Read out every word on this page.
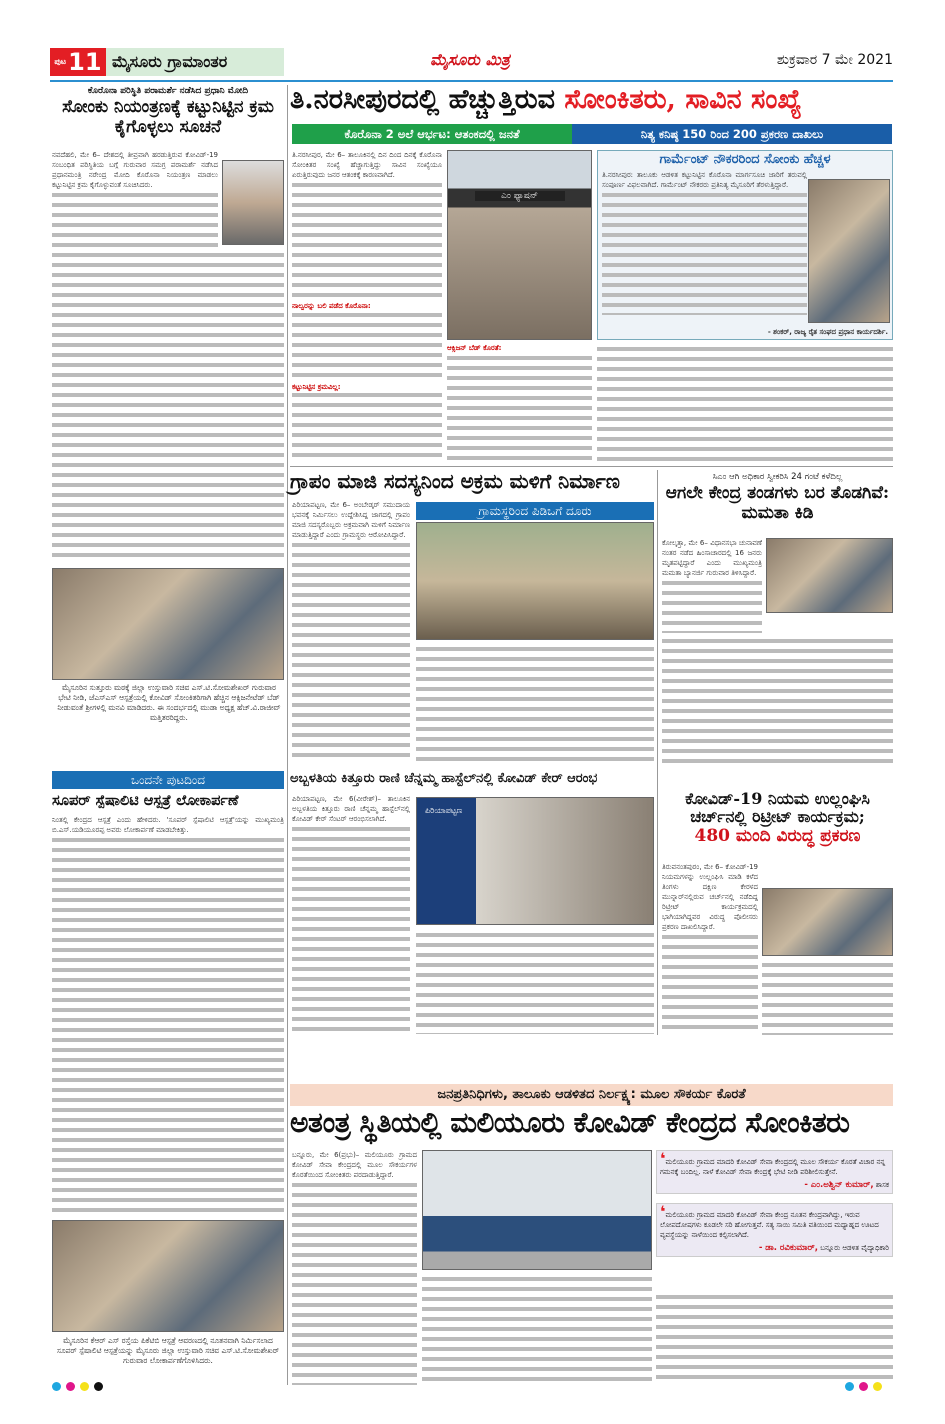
ಪುಟ 11 ಮೈಸೂರು ಗ್ರಾಮಾಂತರ	ಮೈಸೂರು ಮಿತ್ರ	ಶುಕ್ರವಾರ 7 ಮೇ 2021
ಕೊರೊನಾ ಪರಿಸ್ಥಿತಿ ಪರಾಮರ್ಶೆ ನಡೆಸಿದ ಪ್ರಧಾನಿ ಮೋದಿ
ಸೋಂಕು ನಿಯಂತ್ರಣಕ್ಕೆ ಕಟ್ಟುನಿಟ್ಟಿನ ಕ್ರಮ ಕೈಗೊಳ್ಳಲು ಸೂಚನೆ

ನವದೆಹಲಿ, ಮೇ 6– ದೇಶದಲ್ಲಿ ತೀವ್ರವಾಗಿ ಹರಡುತ್ತಿರುವ ಕೋವಿಡ್-19 ಸಂಬಂಧಿತ ಪರಿಸ್ಥಿತಿಯ ಬಗ್ಗೆ ಗುರುವಾರ ಸಮಗ್ರ ಪರಾಮರ್ಶೆ ನಡೆಸಿದ ಪ್ರಧಾನಮಂತ್ರಿ ನರೇಂದ್ರ ಮೋದಿ ಕೊರೊನಾ ನಿಯಂತ್ರಣ ಮಾಡಲು ಕಟ್ಟುನಿಟ್ಟಿನ ಕ್ರಮ ಕೈಗೊಳ್ಳುವಂತೆ ಸೂಚಿಸಿದರು.

ಮೈಸೂರಿನ ಸುತ್ತೂರು ಮಠಕ್ಕೆ ಜಿಲ್ಲಾ ಉಸ್ತುವಾರಿ ಸಚಿವ ಎಸ್.ಟಿ.ಸೋಮಶೇಖರ್ ಗುರುವಾರ ಭೇಟಿ ನೀಡಿ, ಜೆಎಸ್‌ಎಸ್ ಆಸ್ಪತ್ರೆಯಲ್ಲಿ ಕೋವಿಡ್ ಸೋಂಕಿತರಿಗಾಗಿ ಹೆಚ್ಚಿನ ಆಕ್ಸಿಜನೇಟೆಡ್ ಬೆಡ್ ನೀಡುವಂತೆ ಶ್ರೀಗಳಲ್ಲಿ ಮನವಿ ಮಾಡಿದರು. ಈ ಸಂದರ್ಭದಲ್ಲಿ ಮುಡಾ ಅಧ್ಯಕ್ಷ ಹೆಚ್.ವಿ.ರಾಜೀವ್ ಮತ್ತಿತರರಿದ್ದರು.
ಒಂದನೇ ಪುಟದಿಂದ
ಸೂಪರ್ ಸ್ಪೆಷಾಲಿಟಿ ಆಸ್ಪತ್ರೆ ಲೋಕಾರ್ಪಣೆ

ನಿಂತಲ್ಲಿ ಕೇಂದ್ರದ ಆಸ್ಪತ್ರೆ ಎಂದು ಹೇಳಿದರು. 'ಸೂಪರ್ ಸ್ಪೆಷಾಲಿಟಿ ಆಸ್ಪತ್ರೆ'ಯನ್ನು ಮುಖ್ಯಮಂತ್ರಿ ಬಿ.ಎಸ್.ಯಡಿಯೂರಪ್ಪ ಅವರು ಲೋಕಾರ್ಪಣೆ ಮಾಡಬೇಕಿತ್ತು.

ಮೈಸೂರಿನ ಕೆಆರ್ ಎಸ್ ರಸ್ತೆಯ ಪಿಕೆಟಿಬಿ ಆಸ್ಪತ್ರೆ ಆವರಣದಲ್ಲಿ ನೂತನವಾಗಿ ನಿರ್ಮಿಸಲಾದ ಸೂಪರ್ ಸ್ಪೆಷಾಲಿಟಿ ಆಸ್ಪತ್ರೆಯನ್ನು ಮೈಸೂರು ಜಿಲ್ಲಾ ಉಸ್ತುವಾರಿ ಸಚಿವ ಎಸ್.ಟಿ.ಸೋಮಶೇಖರ್ ಗುರುವಾರ ಲೋಕಾರ್ಪಣೆಗೊಳಿಸಿದರು.
ತಿ.ನರಸೀಪುರದಲ್ಲಿ ಹೆಚ್ಚುತ್ತಿರುವ ಸೋಂಕಿತರು, ಸಾವಿನ ಸಂಖ್ಯೆ
ಕೊರೊನಾ 2 ಅಲೆ ಆರ್ಭಟ: ಆತಂಕದಲ್ಲಿ ಜನತೆ	ನಿತ್ಯ ಕನಿಷ್ಠ 150 ರಿಂದ 200 ಪ್ರಕರಣ ದಾಖಲು

ತಿ.ನರಸೀಪುರ, ಮೇ 6– ತಾಲೂಕಿನಲ್ಲಿ ದಿನ ದಿಂದ ದಿನಕ್ಕೆ ಕೊರೊನಾ ಸೋಂಕಿತರ ಸಂಖ್ಯೆ ಹೆಚ್ಚಾಗುತ್ತಿದ್ದು ಸಾವಿನ ಸಂಖ್ಯೆಯೂ ಏರುತ್ತಿರುವುದು ಜನರ ಆತಂಕಕ್ಕೆ ಕಾರಣವಾಗಿದೆ.

ನಾಲ್ವರನ್ನು ಬಲಿ ಪಡೆದ ಕೊರೊನಾ:

ಕಟ್ಟುನಿಟ್ಟಿನ ಕ್ರಮವಿಲ್ಲ:

ಎಂ ಫ್ಯಾಷನ್

ಆಕ್ಸಿಜನ್ ಬೆಡ್ ಕೊರತೆ:

ಗಾರ್ಮೆಂಟ್ ನೌಕರರಿಂದ ಸೋಂಕು ಹೆಚ್ಚಳ

ತಿ.ನರಸೀಪುರ: ತಾಲೂಕು ಆಡಳಿತ ಕಟ್ಟುನಿಟ್ಟಿನ ಕೊರೊನಾ ಮಾರ್ಗಸೂಚಿ ಜಾರಿಗೆ ತರುವಲ್ಲಿ ಸಂಪೂರ್ಣ ವಿಫಲವಾಗಿದೆ. ಗಾರ್ಮೆಂಟ್ ನೌಕರರು ಪ್ರತಿನಿತ್ಯ ಮೈಸೂರಿಗೆ ತೆರಳುತ್ತಿದ್ದಾರೆ.

- ಶಂಕರ್, ರಾಜ್ಯ ರೈತ ಸಂಘದ ಪ್ರಧಾನ ಕಾರ್ಯದರ್ಶಿ.
ಗ್ರಾಪಂ ಮಾಜಿ ಸದಸ್ಯನಿಂದ ಅಕ್ರಮ ಮಳಿಗೆ ನಿರ್ಮಾಣ

ಪಿರಿಯಾಪಟ್ಟಣ, ಮೇ 6– ಅಂಬೇಡ್ಕರ್ ಸಮುದಾಯ ಭವನಕ್ಕೆ ನಿರ್ಮಿಸಲು ಉದ್ದೇಶಿಸಿದ್ದ ಜಾಗದಲ್ಲಿ ಗ್ರಾಪಂ ಮಾಜಿ ಸದಸ್ಯರೊಬ್ಬರು ಅಕ್ರಮವಾಗಿ ಮಳಿಗೆ ನಿರ್ಮಾಣ ಮಾಡುತ್ತಿದ್ದಾರೆ ಎಂದು ಗ್ರಾಮಸ್ಥರು ಆರೋಪಿಸಿದ್ದಾರೆ.

ಗ್ರಾಮಸ್ಥರಿಂದ ಪಿಡಿಒಗೆ ದೂರು
ಸಿಎಂ ಆಗಿ ಅಧಿಕಾರ ಸ್ವೀಕರಿಸಿ 24 ಗಂಟೆ ಕಳೆದಿಲ್ಲ
ಆಗಲೇ ಕೇಂದ್ರ ತಂಡಗಳು ಬರ ತೊಡಗಿವೆ: ಮಮತಾ ಕಿಡಿ

ಕೋಲ್ಕತ್ತಾ, ಮೇ 6– ವಿಧಾನಸಭಾ ಚುನಾವಣೆ ನಂತರ ನಡೆದ ಹಿಂಸಾಚಾರದಲ್ಲಿ 16 ಜನರು ಮೃತಪಟ್ಟಿದ್ದಾರೆ ಎಂದು ಮುಖ್ಯಮಂತ್ರಿ ಮಮತಾ ಬ್ಯಾನರ್ಜಿ ಗುರುವಾರ ತಿಳಿಸಿದ್ದಾರೆ.

ಅಬ್ಬಳತಿಯ ಕಿತ್ತೂರು ರಾಣಿ ಚೆನ್ನಮ್ಮ ಹಾಸ್ಟೆಲ್‌ನಲ್ಲಿ ಕೋವಿಡ್ ಕೇರ್ ಆರಂಭ

ಪಿರಿಯಾಪಟ್ಟಣ, ಮೇ 6(ವೀರೇಶ್)– ತಾಲೂಕಿನ ಅಬ್ಬಳತಿಯ ಕಿತ್ತೂರು ರಾಣಿ ಚೆನ್ನಮ್ಮ ಹಾಸ್ಟೆಲ್‌ನಲ್ಲಿ ಕೋವಿಡ್ ಕೇರ್ ಸೆಂಟರ್ ಆರಂಭಿಸಲಾಗಿದೆ.

ಪಿರಿಯಾಪಟ್ಟಣ
ಕೋವಿಡ್-19 ನಿಯಮ ಉಲ್ಲಂಘಿಸಿ ಚರ್ಚ್‌ನಲ್ಲಿ ರಿಟ್ರೀಟ್ ಕಾರ್ಯಕ್ರಮ;
480 ಮಂದಿ ವಿರುದ್ಧ ಪ್ರಕರಣ

ತಿರುವನಂತಪುರಂ, ಮೇ 6– ಕೋವಿಡ್-19 ನಿಯಮಗಳನ್ನು ಉಲ್ಲಂಘಿಸಿ ಮಾಡಿ ಕಳೆದ ತಿಂಗಳು ದಕ್ಷಿಣ ಕೇರಳದ ಮುನ್ನಾರ್‌ನಲ್ಲಿರುವ ಚರ್ಚ್‌ನಲ್ಲಿ ನಡೆದಿದ್ದ ರಿಟ್ರೀಟ್ ಕಾರ್ಯಕ್ರಮದಲ್ಲಿ ಭಾಗಿಯಾಗಿದ್ದವರ ವಿರುದ್ಧ ಪೊಲೀಸರು ಪ್ರಕರಣ ದಾಖಲಿಸಿದ್ದಾರೆ.

ಜನಪ್ರತಿನಿಧಿಗಳು, ತಾಲೂಕು ಆಡಳಿತದ ನಿರ್ಲಕ್ಷ್ಯ: ಮೂಲ ಸೌಕರ್ಯ ಕೊರತೆ
ಅತಂತ್ರ ಸ್ಥಿತಿಯಲ್ಲಿ ಮಲಿಯೂರು ಕೋವಿಡ್ ಕೇಂದ್ರದ ಸೋಂಕಿತರು

ಬನ್ನೂರು, ಮೇ 6(ಪ್ರಭು)– ಮಲಿಯೂರು ಗ್ರಾಮದ ಕೋವಿಡ್ ಸೇವಾ ಕೇಂದ್ರದಲ್ಲಿ ಮೂಲ ಸೌಕರ್ಯಗಳ ಕೊರತೆಯಿಂದ ಸೋಂಕಿತರು ಪರದಾಡುತ್ತಿದ್ದಾರೆ.

❛ಮಲಿಯೂರು ಗ್ರಾಮದ ಮಾದರಿ ಕೋವಿಡ್ ಸೇವಾ ಕೇಂದ್ರದಲ್ಲಿ ಮೂಲ ಸೌಕರ್ಯ ಕೊರತೆ ವಿಚಾರ ನನ್ನ ಗಮನಕ್ಕೆ ಬಂದಿಲ್ಲ. ನಾಳೆ ಕೋವಿಡ್ ಸೇವಾ ಕೇಂದ್ರಕ್ಕೆ ಭೇಟಿ ನೀಡಿ ಪರಿಶೀಲಿಸುತ್ತೇನೆ.
- ಎಂ.ಅಶ್ವಿನ್ ಕುಮಾರ್, ಶಾಸಕ
❛ಮಲಿಯೂರು ಗ್ರಾಮದ ಮಾದರಿ ಕೋವಿಡ್ ಸೇವಾ ಕೇಂದ್ರ ನೂತನ ಕೇಂದ್ರವಾಗಿದ್ದು, ಇರುವ ಲೋಪದೋಷಗಳು ಕೂಡಲೇ ಸರಿ ಹೋಗುತ್ತವೆ. ಸತ್ಯ ಸಾಯಿ ಸಮಿತಿ ವತಿಯಿಂದ ಮಧ್ಯಾಹ್ನದ ಊಟದ ವ್ಯವಸ್ಥೆಯನ್ನು ನಾಳೆಯಿಂದ ಕಲ್ಪಿಸಲಾಗಿದೆ.
- ಡಾ. ರವಿಕುಮಾರ್, ಬನ್ನೂರು ಆಡಳಿತ ವೈದ್ಯಾಧಿಕಾರಿ
